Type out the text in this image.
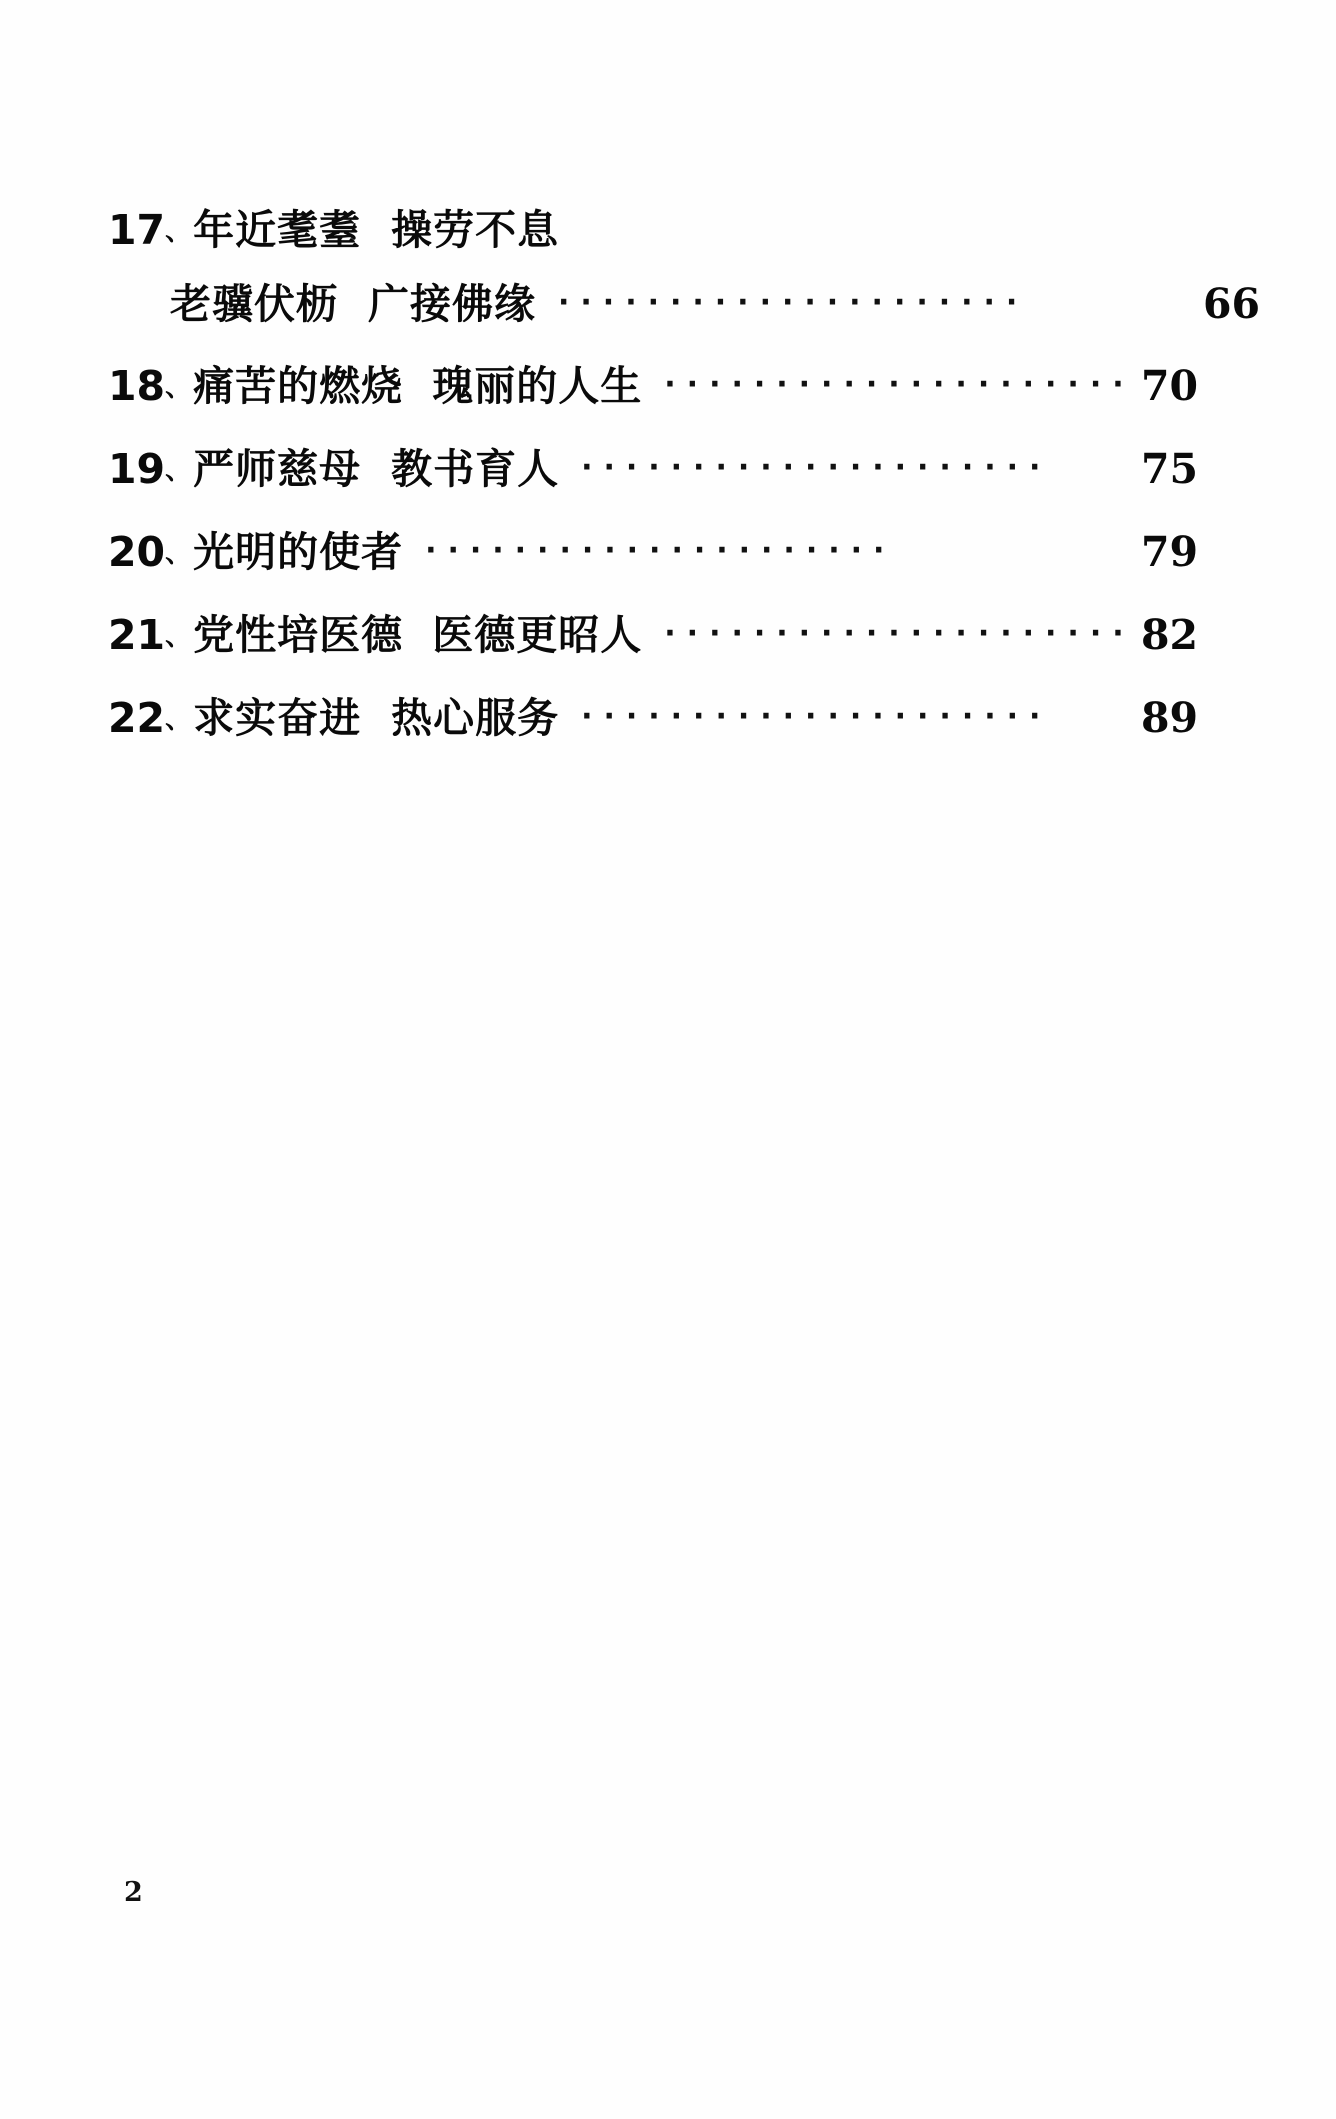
17 、 年近耄耋 操劳不息
老骥伏枥 广接佛缘 ·····················	66
18 、 痛苦的燃烧 瑰丽的人生 ····················· 70
19 、 严师慈母 教书育人 ·····················	75
20 、 光明的使者 ·····················	79
21 、 党性培医德 医德更昭人 ····················· 82
22 、 求实奋进 热心服务 ·····················	89
2
